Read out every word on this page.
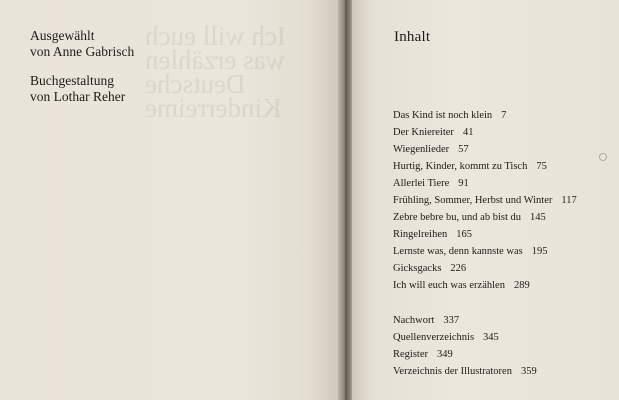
Ich will euch
was erzählen
Deutsche
Kinderreime
Ausgewählt
von Anne Gabrisch
Buchgestaltung
von Lothar Reher
Inhalt
Das Kind ist noch klein 7
Der Kniereiter 41
Wiegenlieder 57
Hurtig, Kinder, kommt zu Tisch 75
Allerlei Tiere 91
Frühling, Sommer, Herbst und Winter 117
Zebre bebre bu, und ab bist du 145
Ringelreihen 165
Lernste was, denn kannste was 195
Gicksgacks 226
Ich will euch was erzählen 289
Nachwort 337
Quellenverzeichnis 345
Register 349
Verzeichnis der Illustratoren 359
